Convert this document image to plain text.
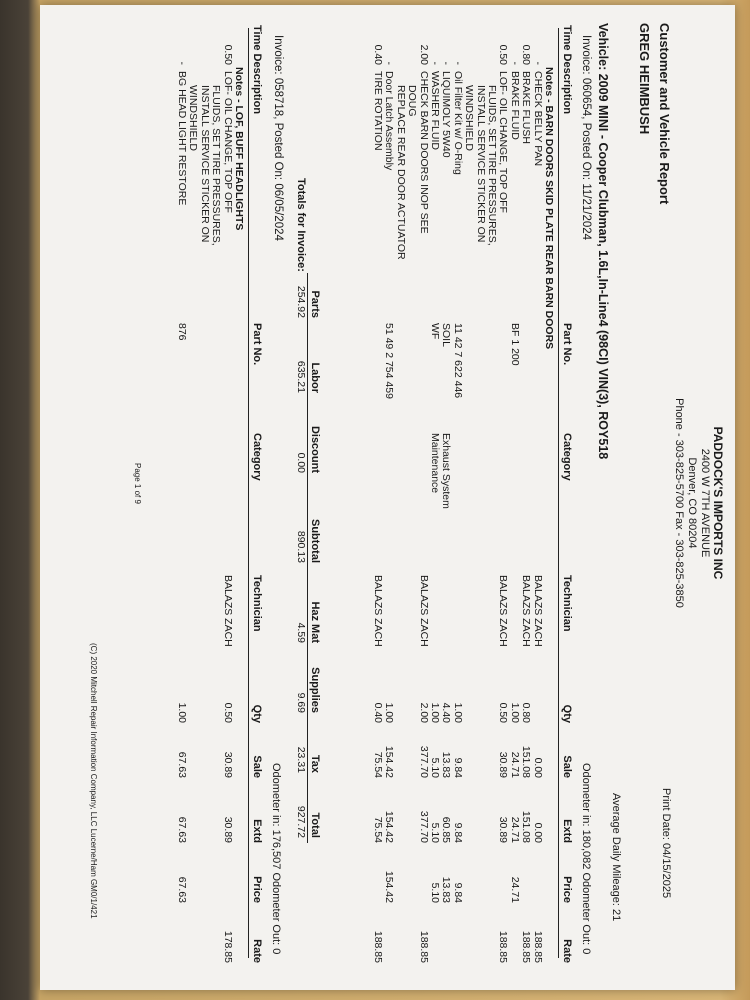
PADDOCK'S IMPORTS INC
2400 W 7TH AVENUE
Denver, CO 80204
Phone - 303-825-5700 Fax - 303-825-3850
Customer and Vehicle Report
Print Date: 04/15/2025
GREG HEIMBUSH
Average Daily Mileage: 21
Vehicle: 2009 MINI - Cooper Clubman, 1.6L,In-Line4 (98CI) VIN(3), ROY518
Invoice: 060654, Posted On: 11/21/2024
Odometer in: 180,082 Odometer Out: 0
Time Description
Part No.
Category
Technician
Qty
Sale
Extd
Price
Rate
Notes - BARN DOORS SKID PLATE REAR BARN DOORS
-
CHECK BELLY PAN
BALAZS ZACH
0.00
0.00
188.85
0.80
BRAKE FLUSH
BALAZS ZACH
0.80
151.08
151.08
188.85
-
BRAKE FLUID
BF 1 200
1.00
24.71
24.71
24.71
0.50
LOF- OIL CHANGE, TOP OFF
BALAZS ZACH
0.50
30.89
30.89
188.85
FLUIDS, SET TIRE PRESSURES,
INSTALL SERVICE STICKER ON
WINDSHIELD
-
Oil Filter Kit w/ O-Ring
11 42 7 622 446
1.00
9.84
9.84
9.84
-
LIQUIMOLY 5W40
SOIL
Exhaust System
4.40
13.83
60.85
13.83
-
WASHER FLUID
WF
Maintenance
1.00
5.10
5.10
5.10
2.00
CHECK BARN DOORS INOP SEE
BALAZS ZACH
2.00
377.70
377.70
188.85
DOUG
REPLACE REAR DOOR ACTUATOR
-
Door Latch Assembly
51 49 2 754 459
1.00
154.42
154.42
154.42
0.40
TIRE ROTATION
BALAZS ZACH
0.40
75.54
75.54
188.85
Totals for Invoice:
Parts
254.92
Labor
635.21
Discount
0.00
Subtotal
890.13
Haz Mat
4.59
Supplies
9.69
Tax
23.31
Total
927.72
Invoice: 058718, Posted On: 06/05/2024
Odometer in: 176,507 Odometer Out: 0
Time Description
Part No.
Category
Technician
Qty
Sale
Extd
Price
Rate
Notes - LOF, BUFF HEADLIGHTS
0.50
LOF- OIL CHANGE, TOP OFF
BALAZS ZACH
0.50
30.89
30.89
178.85
FLUIDS, SET TIRE PRESSURES,
INSTALL SERVICE STICKER ON
WINDSHIELD
-
BG HEAD LIGHT RESTORE
876
1.00
67.63
67.63
67.63
Page 1 of 9
(C) 2020 Mitchell Repair Information Company, LLC Lucerne/Ham GM0/1/421
